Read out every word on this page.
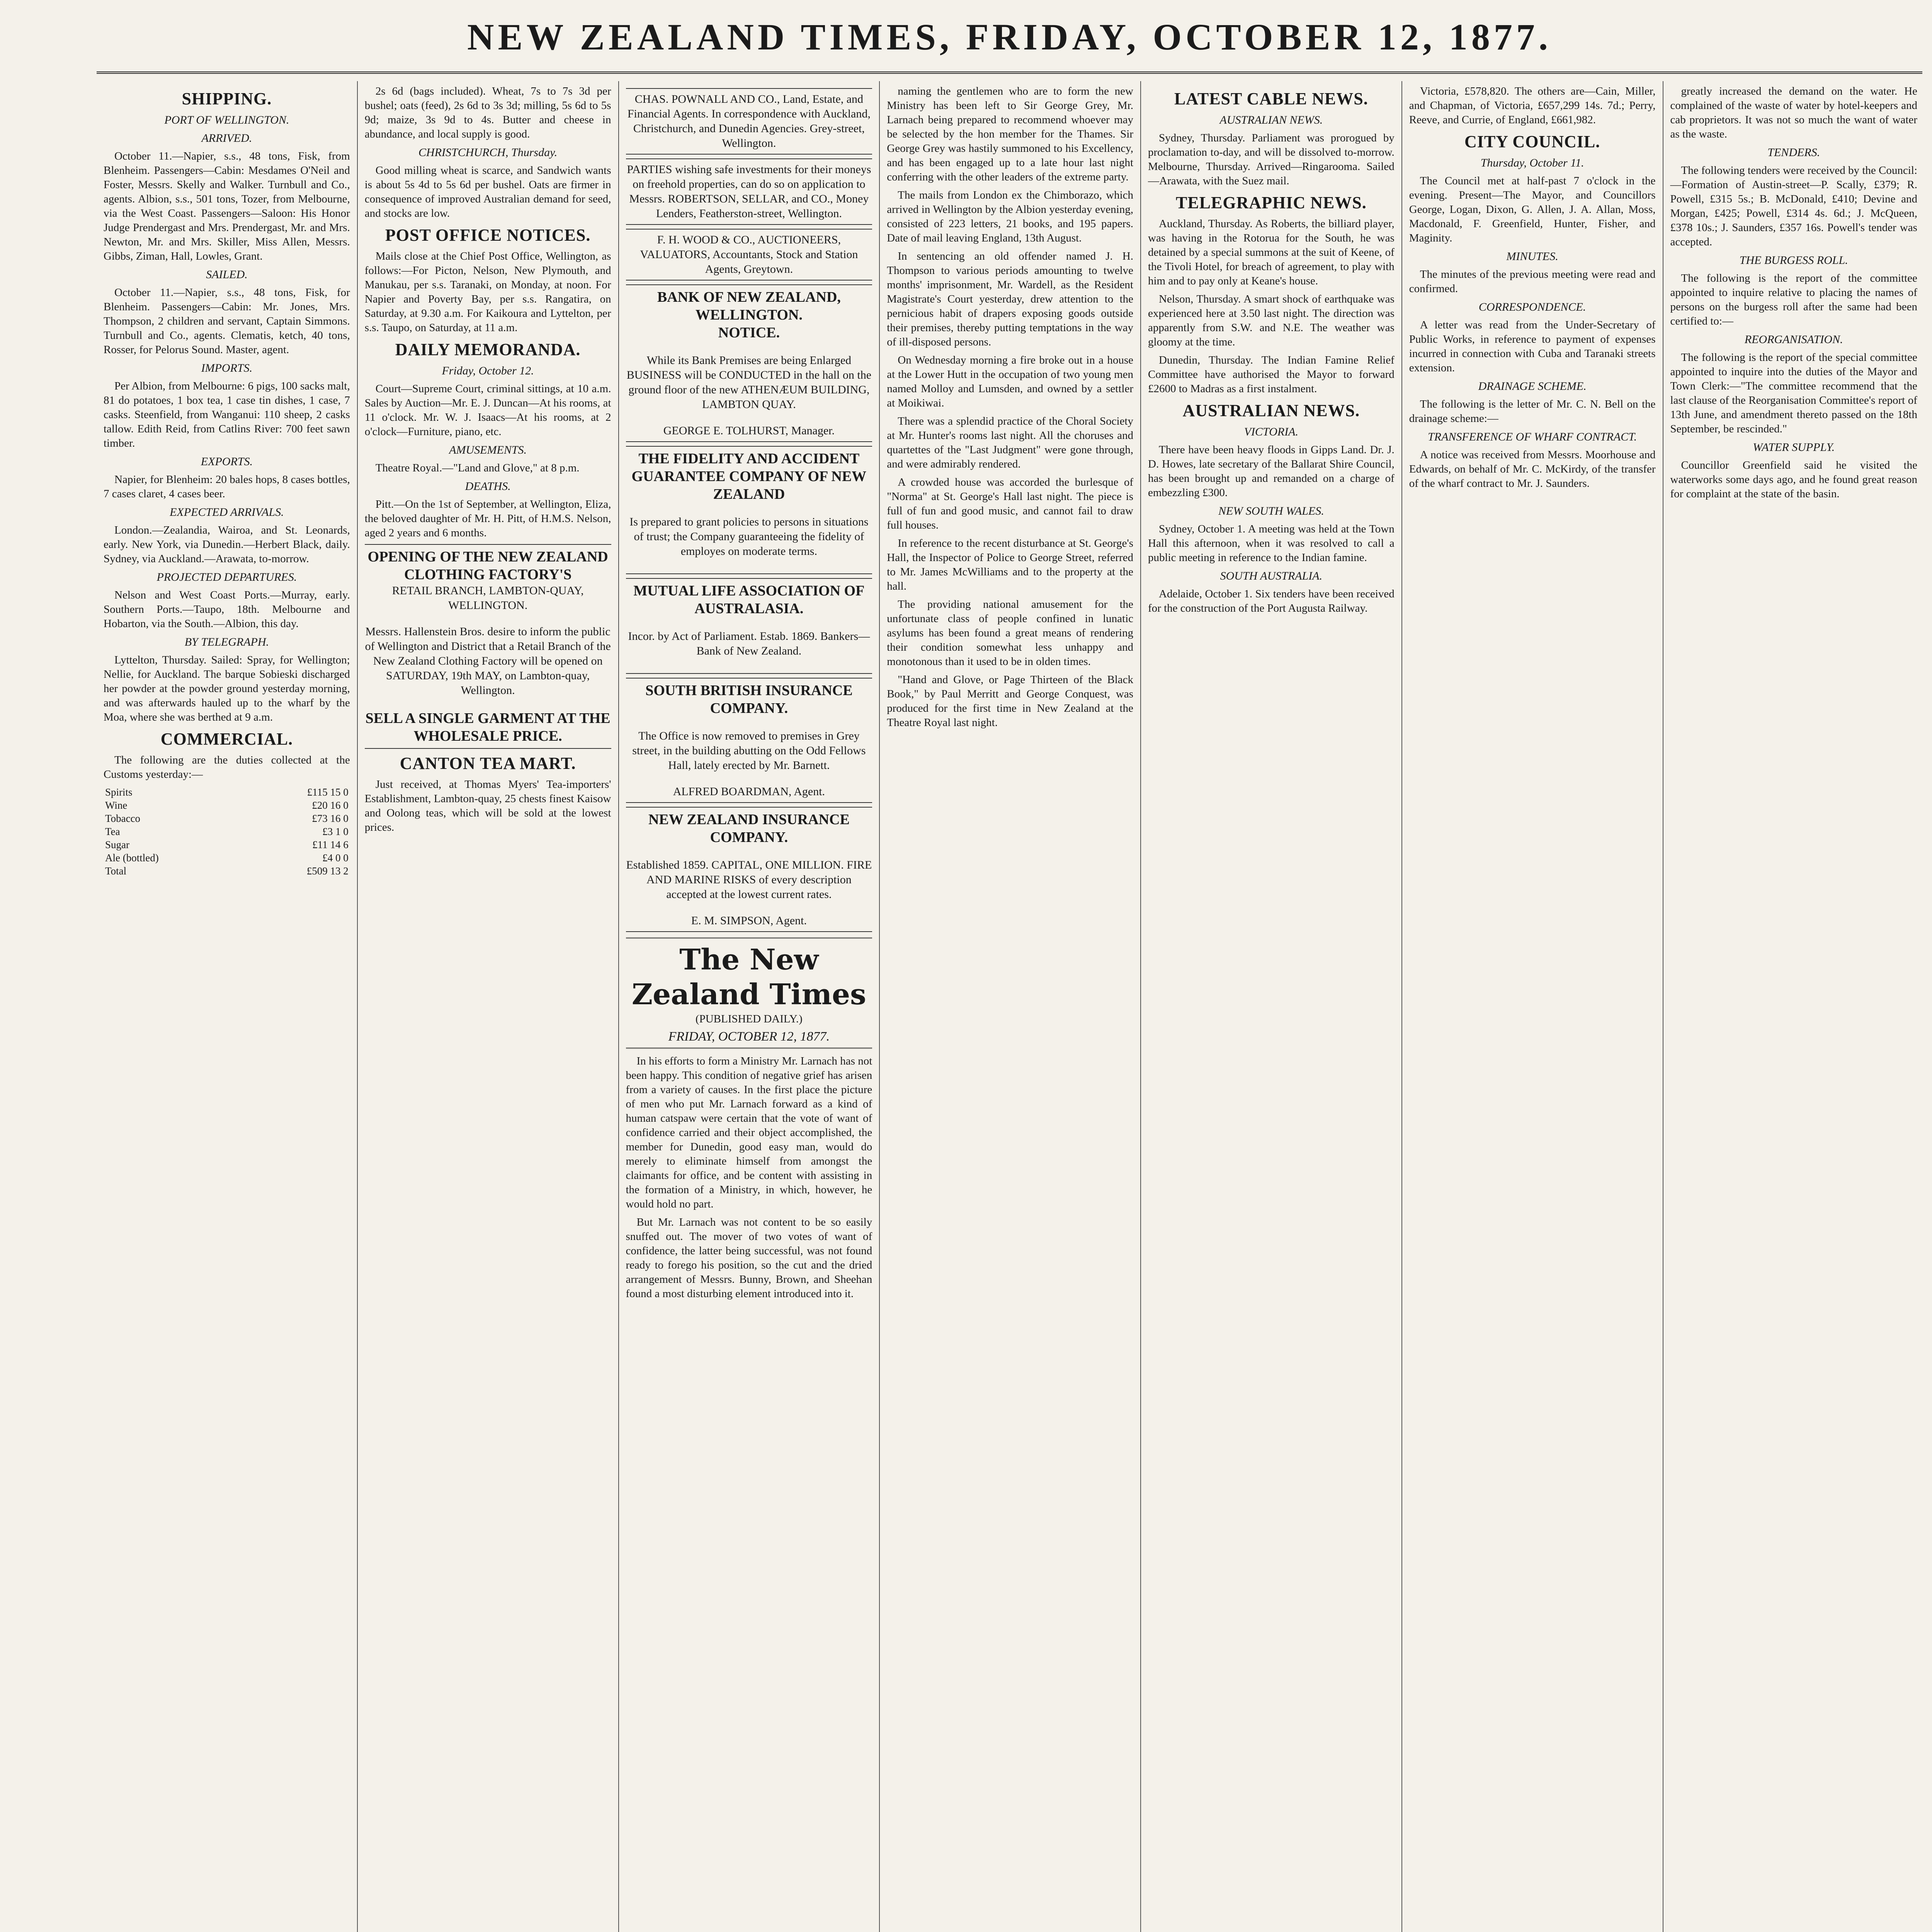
NEW ZEALAND TIMES, FRIDAY, OCTOBER 12, 1877.
SHIPPING.
PORT OF WELLINGTON.
ARRIVED.

October 11.—Napier, s.s., 48 tons, Fisk, from Blenheim. Passengers—Cabin: Mesdames O'Neil and Foster, Messrs. Skelly and Walker. Turnbull and Co., agents. Albion, s.s., 501 tons, Tozer, from Melbourne, via the West Coast. Passengers—Saloon: His Honor Judge Prendergast and Mrs. Prendergast, Mr. and Mrs. Newton, Mr. and Mrs. Skiller, Miss Allen, Messrs. Gibbs, Ziman, Hall, Lowles, Grant.

SAILED.

October 11.—Napier, s.s., 48 tons, Fisk, for Blenheim. Passengers—Cabin: Mr. Jones, Mrs. Thompson, 2 children and servant, Captain Simmons. Turnbull and Co., agents. Clematis, ketch, 40 tons, Rosser, for Pelorus Sound. Master, agent.

IMPORTS.

Per Albion, from Melbourne: 6 pigs, 100 sacks malt, 81 do potatoes, 1 box tea, 1 case tin dishes, 1 case, 7 casks. Steenfield, from Wanganui: 110 sheep, 2 casks tallow. Edith Reid, from Catlins River: 700 feet sawn timber.

EXPORTS.

Napier, for Blenheim: 20 bales hops, 8 cases bottles, 7 cases claret, 4 cases beer.

EXPECTED ARRIVALS.

London.—Zealandia, Wairoa, and St. Leonards, early. New York, via Dunedin.—Herbert Black, daily. Sydney, via Auckland.—Arawata, to-morrow.

PROJECTED DEPARTURES.

Nelson and West Coast Ports.—Murray, early. Southern Ports.—Taupo, 18th. Melbourne and Hobarton, via the South.—Albion, this day.

BY TELEGRAPH.

Lyttelton, Thursday. Sailed: Spray, for Wellington; Nellie, for Auckland. The barque Sobieski discharged her powder at the powder ground yesterday morning, and was afterwards hauled up to the wharf by the Moa, where she was berthed at 9 a.m.

COMMERCIAL.

The following are the duties collected at the Customs yesterday:—

Spirits	£115 15 0
Wine	£20 16 0
Tobacco	£73 16 0
Tea	£3 1 0
Sugar	£11 14 6
Ale (bottled)	£4 0 0
Total	£509 13 2

2s 6d (bags included). Wheat, 7s to 7s 3d per bushel; oats (feed), 2s 6d to 3s 3d; milling, 5s 6d to 5s 9d; maize, 3s 9d to 4s. Butter and cheese in abundance, and local supply is good.

CHRISTCHURCH, Thursday.

Good milling wheat is scarce, and Sandwich wants is about 5s 4d to 5s 6d per bushel. Oats are firmer in consequence of improved Australian demand for seed, and stocks are low.

POST OFFICE NOTICES.

Mails close at the Chief Post Office, Wellington, as follows:—For Picton, Nelson, New Plymouth, and Manukau, per s.s. Taranaki, on Monday, at noon. For Napier and Poverty Bay, per s.s. Rangatira, on Saturday, at 9.30 a.m. For Kaikoura and Lyttelton, per s.s. Taupo, on Saturday, at 11 a.m.

DAILY MEMORANDA.
Friday, October 12.

Court—Supreme Court, criminal sittings, at 10 a.m. Sales by Auction—Mr. E. J. Duncan—At his rooms, at 11 o'clock. Mr. W. J. Isaacs—At his rooms, at 2 o'clock—Furniture, piano, etc.

AMUSEMENTS.

Theatre Royal.—"Land and Glove," at 8 p.m.

DEATHS.

Pitt.—On the 1st of September, at Wellington, Eliza, the beloved daughter of Mr. H. Pitt, of H.M.S. Nelson, aged 2 years and 6 months.

OPENING OF THE NEW ZEALAND CLOTHING FACTORY'S
RETAIL BRANCH, LAMBTON-QUAY, WELLINGTON.

Messrs. Hallenstein Bros. desire to inform the public of Wellington and District that a Retail Branch of the New Zealand Clothing Factory will be opened on SATURDAY, 19th MAY, on Lambton-quay, Wellington.

SELL A SINGLE GARMENT AT THE WHOLESALE PRICE.
CANTON TEA MART.

Just received, at Thomas Myers' Tea-importers' Establishment, Lambton-quay, 25 chests finest Kaisow and Oolong teas, which will be sold at the lowest prices.

CHAS. POWNALL AND CO., Land, Estate, and Financial Agents. In correspondence with Auckland, Christchurch, and Dunedin Agencies. Grey-street, Wellington.
PARTIES wishing safe investments for their moneys on freehold properties, can do so on application to Messrs. ROBERTSON, SELLAR, and CO., Money Lenders, Featherston-street, Wellington.
F. H. WOOD & CO., AUCTIONEERS, VALUATORS, Accountants, Stock and Station Agents, Greytown.
BANK OF NEW ZEALAND, WELLINGTON.
NOTICE.

While its Bank Premises are being Enlarged BUSINESS will be CONDUCTED in the hall on the ground floor of the new ATHENÆUM BUILDING, LAMBTON QUAY.

GEORGE E. TOLHURST, Manager.
THE FIDELITY AND ACCIDENT GUARANTEE COMPANY OF NEW ZEALAND

Is prepared to grant policies to persons in situations of trust; the Company guaranteeing the fidelity of employes on moderate terms.

MUTUAL LIFE ASSOCIATION OF AUSTRALASIA.

Incor. by Act of Parliament. Estab. 1869. Bankers—Bank of New Zealand.

SOUTH BRITISH INSURANCE COMPANY.

The Office is now removed to premises in Grey street, in the building abutting on the Odd Fellows Hall, lately erected by Mr. Barnett.

ALFRED BOARDMAN, Agent.
NEW ZEALAND INSURANCE COMPANY.

Established 1859. CAPITAL, ONE MILLION. FIRE AND MARINE RISKS of every description accepted at the lowest current rates.

E. M. SIMPSON, Agent.
The New Zealand Times
(PUBLISHED DAILY.)
FRIDAY, OCTOBER 12, 1877.

In his efforts to form a Ministry Mr. Larnach has not been happy. This condition of negative grief has arisen from a variety of causes. In the first place the picture of men who put Mr. Larnach forward as a kind of human catspaw were certain that the vote of want of confidence carried and their object accomplished, the member for Dunedin, good easy man, would do merely to eliminate himself from amongst the claimants for office, and be content with assisting in the formation of a Ministry, in which, however, he would hold no part.

But Mr. Larnach was not content to be so easily snuffed out. The mover of two votes of want of confidence, the latter being successful, was not found ready to forego his position, so the cut and the dried arrangement of Messrs. Bunny, Brown, and Sheehan found a most disturbing element introduced into it.

naming the gentlemen who are to form the new Ministry has been left to Sir George Grey, Mr. Larnach being prepared to recommend whoever may be selected by the hon member for the Thames. Sir George Grey was hastily summoned to his Excellency, and has been engaged up to a late hour last night conferring with the other leaders of the extreme party.

The mails from London ex the Chimborazo, which arrived in Wellington by the Albion yesterday evening, consisted of 223 letters, 21 books, and 195 papers. Date of mail leaving England, 13th August.

In sentencing an old offender named J. H. Thompson to various periods amounting to twelve months' imprisonment, Mr. Wardell, as the Resident Magistrate's Court yesterday, drew attention to the pernicious habit of drapers exposing goods outside their premises, thereby putting temptations in the way of ill-disposed persons.

On Wednesday morning a fire broke out in a house at the Lower Hutt in the occupation of two young men named Molloy and Lumsden, and owned by a settler at Moikiwai.

There was a splendid practice of the Choral Society at Mr. Hunter's rooms last night. All the choruses and quartettes of the "Last Judgment" were gone through, and were admirably rendered.

A crowded house was accorded the burlesque of "Norma" at St. George's Hall last night. The piece is full of fun and good music, and cannot fail to draw full houses.

In reference to the recent disturbance at St. George's Hall, the Inspector of Police to George Street, referred to Mr. James McWilliams and to the property at the hall.

The providing national amusement for the unfortunate class of people confined in lunatic asylums has been found a great means of rendering their condition somewhat less unhappy and monotonous than it used to be in olden times.

"Hand and Glove, or Page Thirteen of the Black Book," by Paul Merritt and George Conquest, was produced for the first time in New Zealand at the Theatre Royal last night.

LATEST CABLE NEWS.
AUSTRALIAN NEWS.

Sydney, Thursday. Parliament was prorogued by proclamation to-day, and will be dissolved to-morrow. Melbourne, Thursday. Arrived—Ringarooma. Sailed—Arawata, with the Suez mail.

TELEGRAPHIC NEWS.

Auckland, Thursday. As Roberts, the billiard player, was having in the Rotorua for the South, he was detained by a special summons at the suit of Keene, of the Tivoli Hotel, for breach of agreement, to play with him and to pay only at Keane's house.

Nelson, Thursday. A smart shock of earthquake was experienced here at 3.50 last night. The direction was apparently from S.W. and N.E. The weather was gloomy at the time.

Dunedin, Thursday. The Indian Famine Relief Committee have authorised the Mayor to forward £2600 to Madras as a first instalment.

AUSTRALIAN NEWS.
VICTORIA.

There have been heavy floods in Gipps Land. Dr. J. D. Howes, late secretary of the Ballarat Shire Council, has been brought up and remanded on a charge of embezzling £300.

NEW SOUTH WALES.

Sydney, October 1. A meeting was held at the Town Hall this afternoon, when it was resolved to call a public meeting in reference to the Indian famine.

SOUTH AUSTRALIA.

Adelaide, October 1. Six tenders have been received for the construction of the Port Augusta Railway.

Victoria, £578,820. The others are—Cain, Miller, and Chapman, of Victoria, £657,299 14s. 7d.; Perry, Reeve, and Currie, of England, £661,982.

CITY COUNCIL.
Thursday, October 11.

The Council met at half-past 7 o'clock in the evening. Present—The Mayor, and Councillors George, Logan, Dixon, G. Allen, J. A. Allan, Moss, Macdonald, F. Greenfield, Hunter, Fisher, and Maginity.

MINUTES.

The minutes of the previous meeting were read and confirmed.

CORRESPONDENCE.

A letter was read from the Under-Secretary of Public Works, in reference to payment of expenses incurred in connection with Cuba and Taranaki streets extension.

DRAINAGE SCHEME.

The following is the letter of Mr. C. N. Bell on the drainage scheme:—

TRANSFERENCE OF WHARF CONTRACT.

A notice was received from Messrs. Moorhouse and Edwards, on behalf of Mr. C. McKirdy, of the transfer of the wharf contract to Mr. J. Saunders.

greatly increased the demand on the water. He complained of the waste of water by hotel-keepers and cab proprietors. It was not so much the want of water as the waste.

TENDERS.

The following tenders were received by the Council:—Formation of Austin-street—P. Scally, £379; R. Powell, £315 5s.; B. McDonald, £410; Devine and Morgan, £425; Powell, £314 4s. 6d.; J. McQueen, £378 10s.; J. Saunders, £357 16s. Powell's tender was accepted.

THE BURGESS ROLL.

The following is the report of the committee appointed to inquire relative to placing the names of persons on the burgess roll after the same had been certified to:—

REORGANISATION.

The following is the report of the special committee appointed to inquire into the duties of the Mayor and Town Clerk:—"The committee recommend that the last clause of the Reorganisation Committee's report of 13th June, and amendment thereto passed on the 18th September, be rescinded."

WATER SUPPLY.

Councillor Greenfield said he visited the waterworks some days ago, and he found great reason for complaint at the state of the basin.
